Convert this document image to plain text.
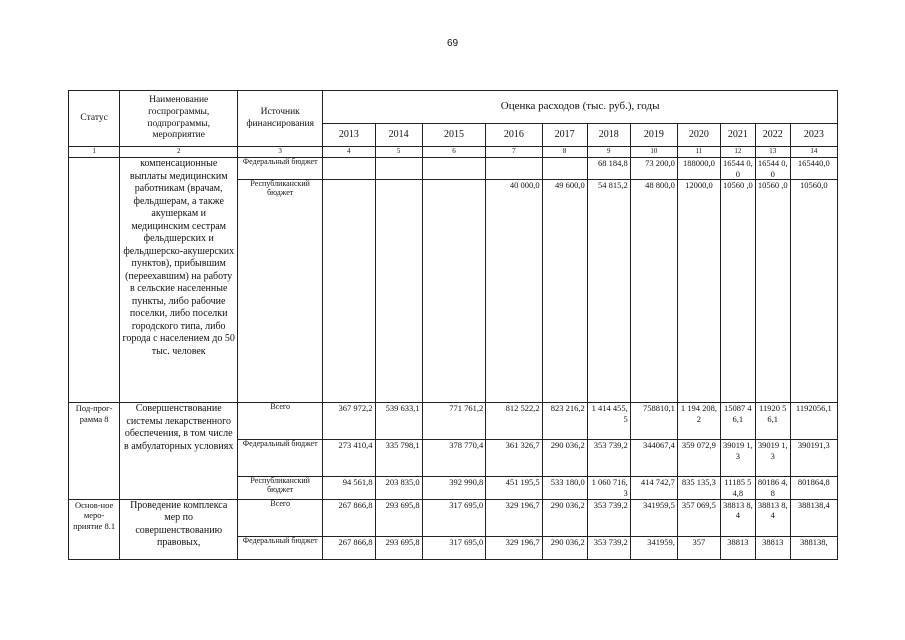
69
Статус	Наименование госпрограммы, подпрограммы, мероприятие	Источник финансирования	Оценка расходов (тыс. руб.), годы										
			2013	2014	2015	2016	2017	2018	2019	2020	2021	2022	2023
1	2	3	4	5	6	7	8	9	10	11	12	13	14
	компенсационные выплаты медицинским работникам (врачам, фельдшерам, а также акушеркам и медицинским сестрам фельдшерских и фельдшерско-акушерских пунктов), прибывшим (переехавшим) на работу в сельские населенные пункты, либо рабочие поселки, либо поселки городского типа, либо города с населением до 50 тыс. человек	Федеральный бюджет						68 184,8	73 200,0	188000,0	16544 0,0	16544 0,0	165440,0
		Республиканский бюджет				40 000,0	49 600,0	54 815,2	48 800,0	12000,0	10560 ,0	10560 ,0	10560,0
Под-прог-рамма 8	Совершенствование системы лекарственного обеспечения, в том числе в амбулаторных условиях	Всего	367 972,2	539 633,1	771 761,2	812 522,2	823 216,2	1 414 455,5	758810,1	1 194 208,2	15087 46,1	11920 56,1	1192056,1
		Федеральный бюджет	273 410,4	335 798,1	378 770,4	361 326,7	290 036,2	353 739,2	344067,4	359 072,9	39019 1,3	39019 1,3	390191,3
		Республиканский бюджет	94 561,8	203 835,0	392 990,8	451 195,5	533 180,0	1 060 716,3	414 742,7	835 135,3	11185 54,8	80186 4,8	801864,8
Основ-ное меро-приятие 8.1	Проведение комплекса мер по совершенствованию правовых,	Всего	267 866,8	293 695,8	317 695,0	329 196,7	290 036,2	353 739,2	341959,5	357 069,5	38813 8,4	38813 8,4	388138,4
		Федеральный бюджет	267 866,8	293 695,8	317 695,0	329 196,7	290 036,2	353 739,2	341959,	357	38813	38813	388138,
